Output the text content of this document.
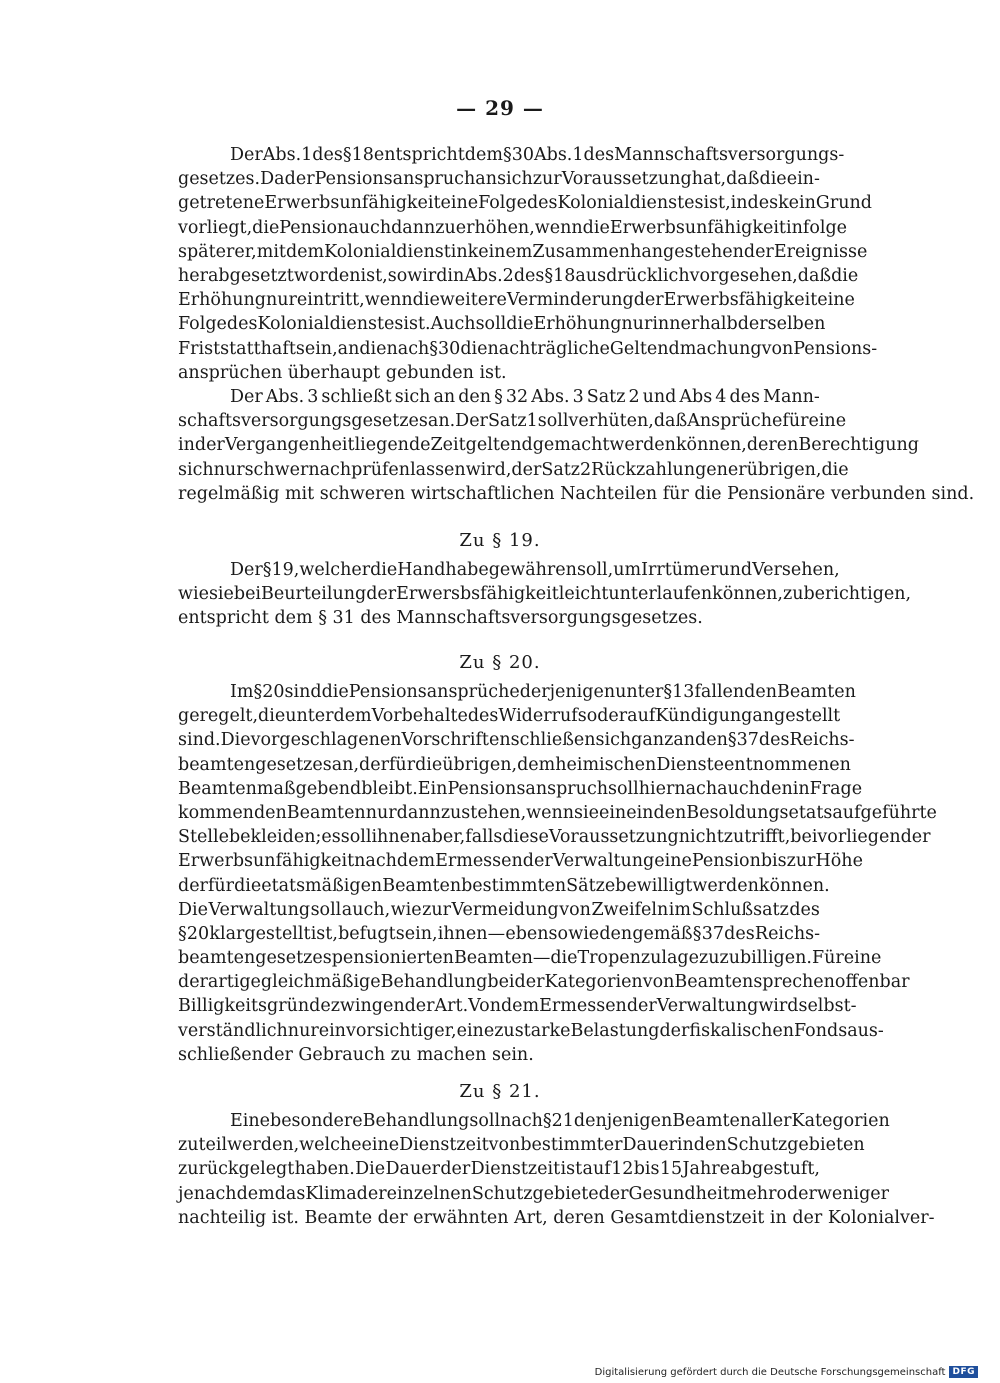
— 29 —
Der Abs. 1 des § 18 entspricht dem § 30 Abs. 1 des Mannschaftsversorgungs-
gesetzes. Da der Pensionsanspruch an sich zur Voraussetzung hat, daß die ein-
getretene Erwerbsunfähigkeit eine Folge des Kolonialdienstes ist, indes kein Grund
vorliegt, die Pension auch dann zu erhöhen, wenn die Erwerbsunfähigkeit infolge
späterer, mit dem Kolonialdienst in keinem Zusammenhange stehender Ereignisse
herabgesetzt worden ist, so wird in Abs. 2 des § 18 ausdrücklich vorgesehen, daß die
Erhöhung nur eintritt, wenn die weitere Verminderung der Erwerbsfähigkeit eine
Folge des Kolonialdienstes ist. Auch soll die Erhöhung nur innerhalb derselben
Frist statthaft sein, an die nach § 30 die nachträgliche Geltendmachung von Pensions-
ansprüchen überhaupt gebunden ist.
Der Abs. 3 schließt sich an den § 32 Abs. 3 Satz 2 und Abs 4 des Mann-
schaftsversorgungsgesetzes an. Der Satz 1 soll verhüten, daß Ansprüche für eine
in der Vergangenheit liegende Zeit geltend gemacht werden können, deren Berechtigung
sich nur schwer nachprüfen lassen wird, der Satz 2 Rückzahlungen erübrigen, die
regelmäßig mit schweren wirtschaftlichen Nachteilen für die Pensionäre verbunden sind.
Zu § 19.
Der § 19, welcher die Handhabe gewähren soll, um Irrtümer und Versehen,
wie sie bei Beurteilung der Erwersbsfähigkeit leicht unterlaufen können, zu berichtigen,
entspricht dem § 31 des Mannschaftsversorgungsgesetzes.
Zu § 20.
Im § 20 sind die Pensionsansprüche derjenigen unter § 13 fallenden Beamten
geregelt, die unter dem Vorbehalte des Widerrufs oder auf Kündigung angestellt
sind. Die vorgeschlagenen Vorschriften schließen sich ganz an den § 37 des Reichs-
beamtengesetzes an, der für die übrigen, dem heimischen Dienste entnommenen
Beamten maßgebend bleibt. Ein Pensionsanspruch soll hiernach auch den in Frage
kommenden Beamten nur dann zustehen, wenn sie eine in den Besoldungsetats aufgeführte
Stelle bekleiden; es soll ihnen aber, falls diese Voraussetzung nicht zutrifft, bei vorliegender
Erwerbsunfähigkeit nach dem Ermessen der Verwaltung eine Pension bis zur Höhe
der für die etatsmäßigen Beamten bestimmten Sätze bewilligt werden können.
Die Verwaltung soll auch, wie zur Vermeidung von Zweifeln im Schlußsatz des
§ 20 klargestellt ist, befugt sein, ihnen — ebenso wie den gemäß § 37 des Reichs-
beamtengesetzes pensionierten Beamten — die Tropenzulage zuzubilligen. Für eine
derartige gleichmäßige Behandlung beider Kategorien von Beamten sprechen offenbar
Billigkeitsgründe zwingender Art. Von dem Ermessen der Verwaltung wird selbst-
verständlich nur ein vorsichtiger, eine zu starke Belastung der fiskalischen Fonds aus-
schließender Gebrauch zu machen sein.
Zu § 21.
Eine besondere Behandlung soll nach § 21 denjenigen Beamten aller Kategorien
zuteil werden, welche eine Dienstzeit von bestimmter Dauer in den Schutzgebieten
zurückgelegt haben. Die Dauer der Dienstzeit ist auf 12 bis 15 Jahre abgestuft,
je nachdem das Klima der einzelnen Schutzgebiete der Gesundheit mehr oder weniger
nachteilig ist. Beamte der erwähnten Art, deren Gesamtdienstzeit in der Kolonialver-
Digitalisierung gefördert durch die Deutsche Forschungsgemeinschaft DFG
